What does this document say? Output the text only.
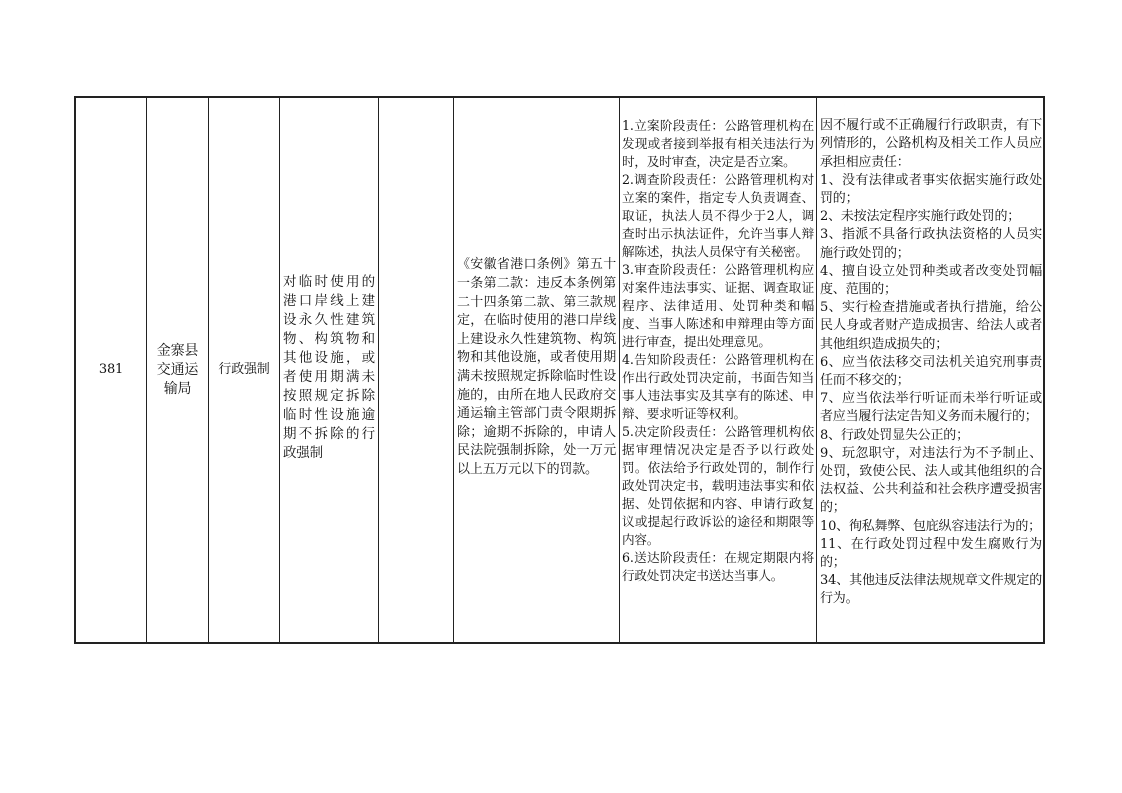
381
金寨县交通运输局
行政强制
对临时使用的港口岸线上建设永久性建筑物、构筑物和其他设施，或者使用期满未按照规定拆除临时性设施逾期不拆除的行政强制
《安徽省港口条例》第五十一条第二款：违反本条例第二十四条第二款、第三款规定，在临时使用的港口岸线上建设永久性建筑物、构筑物和其他设施，或者使用期满未按照规定拆除临时性设施的，由所在地人民政府交通运输主管部门责令限期拆除；逾期不拆除的，申请人民法院强制拆除，处一万元以上五万元以下的罚款。

1.立案阶段责任：公路管理机构在发现或者接到举报有相关违法行为时，及时审查，决定是否立案。
2.调查阶段责任：公路管理机构对立案的案件，指定专人负责调查、取证，执法人员不得少于2人，调查时出示执法证件，允许当事人辩解陈述，执法人员保守有关秘密。
3.审查阶段责任：公路管理机构应对案件违法事实、证据、调查取证程序、法律适用、处罚种类和幅度、当事人陈述和申辩理由等方面进行审查，提出处理意见。
4.告知阶段责任：公路管理机构在作出行政处罚决定前，书面告知当事人违法事实及其享有的陈述、申辩、要求听证等权利。
5.决定阶段责任：公路管理机构依据审理情况决定是否予以行政处罚。依法给予行政处罚的，制作行政处罚决定书，载明违法事实和依据、处罚依据和内容、申请行政复议或提起行政诉讼的途径和期限等内容。
6.送达阶段责任：在规定期限内将行政处罚决定书送达当事人。

因不履行或不正确履行行政职责，有下列情形的，公路机构及相关工作人员应承担相应责任：
1、没有法律或者事实依据实施行政处罚的；
2、未按法定程序实施行政处罚的；
3、指派不具备行政执法资格的人员实施行政处罚的；
4、擅自设立处罚种类或者改变处罚幅度、范围的；
5、实行检查措施或者执行措施，给公民人身或者财产造成损害、给法人或者其他组织造成损失的；
6、应当依法移交司法机关追究刑事责任而不移交的；
7、应当依法举行听证而未举行听证或者应当履行法定告知义务而未履行的；
8、行政处罚显失公正的；
9、玩忽职守，对违法行为不予制止、处罚，致使公民、法人或其他组织的合法权益、公共利益和社会秩序遭受损害的；
10、徇私舞弊、包庇纵容违法行为的；
11、在行政处罚过程中发生腐败行为的；
34、其他违反法律法规规章文件规定的行为。
